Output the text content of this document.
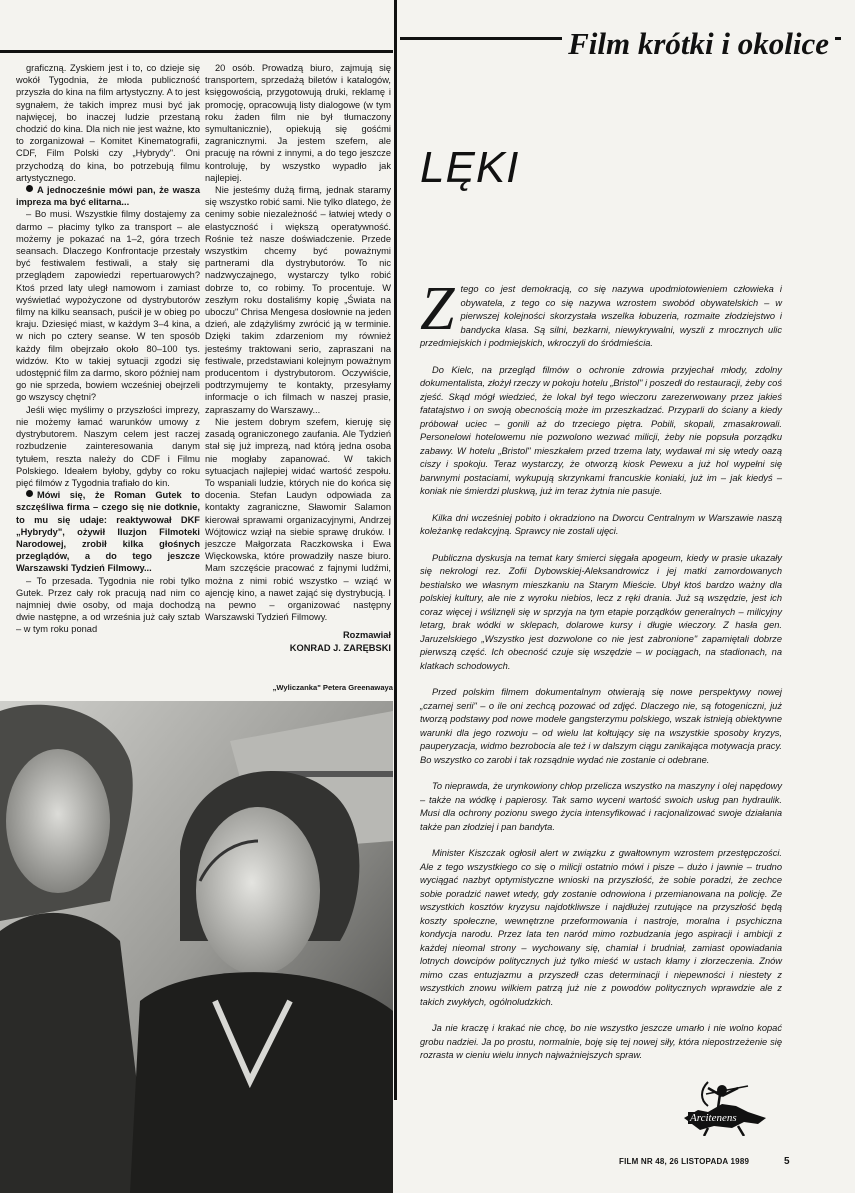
graficzną. Zyskiem jest i to, co dzieje się wokół Tygodnia, że młoda publiczność przyszła do kina na film artystyczny. A to jest sygnałem, że takich imprez musi być jak najwięcej, bo inaczej ludzie przestaną chodzić do kina. Dla nich nie jest ważne, kto to zorganizował – Komitet Kinematografii, CDF, Film Polski czy „Hybrydy". Oni przychodzą do kina, bo potrzebują filmu artystycznego.

A jednocześnie mówi pan, że wasza impreza ma być elitarna...

– Bo musi. Wszystkie filmy dostajemy za darmo – płacimy tylko za transport – ale możemy je pokazać na 1–2, góra trzech seansach. Dlaczego Konfrontacje przestały być festiwalem festiwali, a stały się przeglądem zapowiedzi repertuarowych? Ktoś przed laty uległ namowom i zamiast wyświetlać wypożyczone od dystrybutorów filmy na kilku seansach, puścił je w obieg po kraju. Dziesięć miast, w każdym 3–4 kina, a w nich po cztery seanse. W ten sposób każdy film obejrzało około 80–100 tys. widzów. Kto w takiej sytuacji zgodzi się udostępnić film za darmo, skoro później nam go nie sprzeda, bowiem wcześniej obejrzeli go wszyscy chętni?

Jeśli więc myślimy o przyszłości imprezy, nie możemy łamać warunków umowy z dystrybutorem. Naszym celem jest raczej rozbudzenie zainteresowania danym tytułem, reszta należy do CDF i Filmu Polskiego. Ideałem byłoby, gdyby co roku pięć filmów z Tygodnia trafiało do kin.

Mówi się, że Roman Gutek to szczęśliwa firma – czego się nie dotknie, to mu się udaje: reaktywował DKF „Hybrydy", ożywił Iluzjon Filmoteki Narodowej, zrobił kilka głośnych przeglądów, a do tego jeszcze Warszawski Tydzień Filmowy...

– To przesada. Tygodnia nie robi tylko Gutek. Przez cały rok pracują nad nim co najmniej dwie osoby, od maja dochodzą dwie następne, a od września już cały sztab – w tym roku ponad

20 osób. Prowadzą biuro, zajmują się transportem, sprzedażą biletów i katalogów, księgowością, przygotowują druki, reklamę i promocję, opracowują listy dialogowe (w tym roku żaden film nie był tłumaczony symultanicznie), opiekują się gośćmi zagranicznymi. Ja jestem szefem, ale pracuję na równi z innymi, a do tego jeszcze kontroluję, by wszystko wypadło jak najlepiej.

Nie jesteśmy dużą firmą, jednak staramy się wszystko robić sami. Nie tylko dlatego, że cenimy sobie niezależność – łatwiej wtedy o elastyczność i większą operatywność. Rośnie też nasze doświadczenie. Przede wszystkim chcemy być poważnymi partnerami dla dystrybutorów. To nic nadzwyczajnego, wystarczy tylko robić dobrze to, co robimy. To procentuje. W zeszłym roku dostaliśmy kopię „Świata na uboczu" Chrisa Mengesa dosłownie na jeden dzień, ale zdążyliśmy zwrócić ją w terminie. Dzięki takim zdarzeniom my również jesteśmy traktowani serio, zapraszani na festiwale, przedstawiani kolejnym poważnym producentom i dystrybutorom. Oczywiście, podtrzymujemy te kontakty, przesyłamy informacje o ich filmach w naszej prasie, zapraszamy do Warszawy...

Nie jestem dobrym szefem, kieruję się zasadą ograniczonego zaufania. Ale Tydzień stał się już imprezą, nad którą jedna osoba nie mogłaby zapanować. W takich sytuacjach najlepiej widać wartość zespołu. To wspaniali ludzie, których nie do końca się docenia. Stefan Laudyn odpowiada za kontakty zagraniczne, Sławomir Salamon kierował sprawami organizacyjnymi, Andrzej Wójtowicz wziął na siebie sprawę druków. I jeszcze Małgorzata Raczkowska i Ewa Więckowska, które prowadziły nasze biuro. Mam szczęście pracować z fajnymi ludźmi, można z nimi robić wszystko – wziąć w ajencję kino, a nawet zająć się dystrybucją. I na pewno – organizować następny Warszawski Tydzień Filmowy.

Rozmawiał
KONRAD J. ZARĘBSKI
„Wyliczanka" Petera Greenawaya
Film krótki i okolice
LĘKI

Ztego co jest demokracją, co się nazywa upodmiotowieniem człowieka i obywatela, z tego co się nazywa wzrostem swobód obywatelskich – w pierwszej kolejności skorzystała wszelka łobuzeria, rozmaite złodziejstwo i bandycka klasa. Są silni, bezkarni, niewykrywalni, wyszli z mrocznych ulic przedmiejskich i podmiejskich, wkroczyli do śródmieścia.

Do Kielc, na przegląd filmów o ochronie zdrowia przyjechał młody, zdolny dokumentalista, złożył rzeczy w pokoju hotelu „Bristol" i poszedł do restauracji, żeby coś zjeść. Skąd mógł wiedzieć, że lokal był tego wieczoru zarezerwowany przez jakieś fatatajstwo i on swoją obecnością może im przeszkadzać. Przyparli do ściany a kiedy próbował uciec – gonili aż do trzeciego piętra. Pobili, skopali, zmasakrowali. Personelowi hotelowemu nie pozwolono wezwać milicji, żeby nie popsuła porządku zabawy. W hotelu „Bristol" mieszkałem przed trzema laty, wydawał mi się wtedy oazą ciszy i spokoju. Teraz wystarczy, że otworzą kiosk Pewexu a już hol wypełni się barwnymi postaciami, wykupują skrzynkami francuskie koniaki, już im – jak kiedyś – koniak nie śmierdzi pluskwą, już im teraz żytnia nie pasuje.

Kilka dni wcześniej pobito i okradziono na Dworcu Centralnym w Warszawie naszą koleżankę redakcyjną. Sprawcy nie zostali ujęci.

Publiczna dyskusja na temat kary śmierci sięgała apogeum, kiedy w prasie ukazały się nekrologi rez. Zofii Dybowskiej-Aleksandrowicz i jej matki zamordowanych bestialsko we własnym mieszkaniu na Starym Mieście. Ubył ktoś bardzo ważny dla polskiej kultury, ale nie z wyroku niebios, lecz z ręki drania. Już są wszędzie, jest ich coraz więcej i wśliznęli się w sprzyja na tym etapie porządków generalnych – milicyjny letarg, brak wódki w sklepach, dolarowe kursy i długie wieczory. Z hasła gen. Jaruzelskiego „Wszystko jest dozwolone co nie jest zabronione" zapamiętali dobrze pierwszą część. Ich obecność czuje się wszędzie – w pociągach, na stadionach, na klatkach schodowych.

Przed polskim filmem dokumentalnym otwierają się nowe perspektywy nowej „czarnej serii" – o ile oni zechcą pozować od zdjęć. Dlaczego nie, są fotogeniczni, już tworzą podstawy pod nowe modele gangsterzymu polskiego, wszak istnieją obiektywne warunki dla jego rozwoju – od wielu lat kołtujący się na wszystkie sposoby kryzys, pauperyzacja, widmo bezrobocia ale też i w dalszym ciągu zanikająca motywacja pracy. Bo wszystko co zarobi i tak rozsądnie wydać nie zostanie ci odebrane.

To nieprawda, że urynkowiony chłop przelicza wszystko na maszyny i olej napędowy – także na wódkę i papierosy. Tak samo wyceni wartość swoich usług pan hydraulik. Musi dla ochrony pozionu swego życia intensyfikować i racjonalizować swoje działania także pan złodziej i pan bandyta.

Minister Kiszczak ogłosił alert w związku z gwałtownym wzrostem przestępczości. Ale z tego wszystkiego co się o milicji ostatnio mówi i pisze – dużo i jawnie – trudno wyciągać nazbyt optymistyczne wnioski na przyszłość, że sobie poradzi, że zechce sobie poradzić nawet wtedy, gdy zostanie odnowiona i przemianowana na policję. Ze wszystkich kosztów kryzysu najdotkliwsze i najdłużej rzutujące na przyszłość będą koszty społeczne, wewnętrzne przeformowania i nastroje, moralna i psychiczna kondycja narodu. Przez lata ten naród mimo rozbudzania jego aspiracji i ambicji z każdej nieomal strony – wychowany się, chamiał i brudniał, zamiast opowiadania lotnych dowcipów politycznych już tylko mieść w ustach kłamy i złorzeczenia. Znów mimo czas entuzjazmu a przyszedł czas determinacji i niepewności i niestety z wszystkich znowu wilkiem patrzą już nie z powodów politycznych wprawdzie ale z takich zwykłych, ogólnoludzkich.

Ja nie kraczę i krakać nie chcę, bo nie wszystko jeszcze umarło i nie wolno kopać grobu nadziei. Ja po prostu, normalnie, boję się tej nowej siły, która niepostrzeżenie się rozrasta w cieniu wielu innych najważniejszych spraw.

Arcitenens
FILM NR 48, 26 LISTOPADA 1989	5
